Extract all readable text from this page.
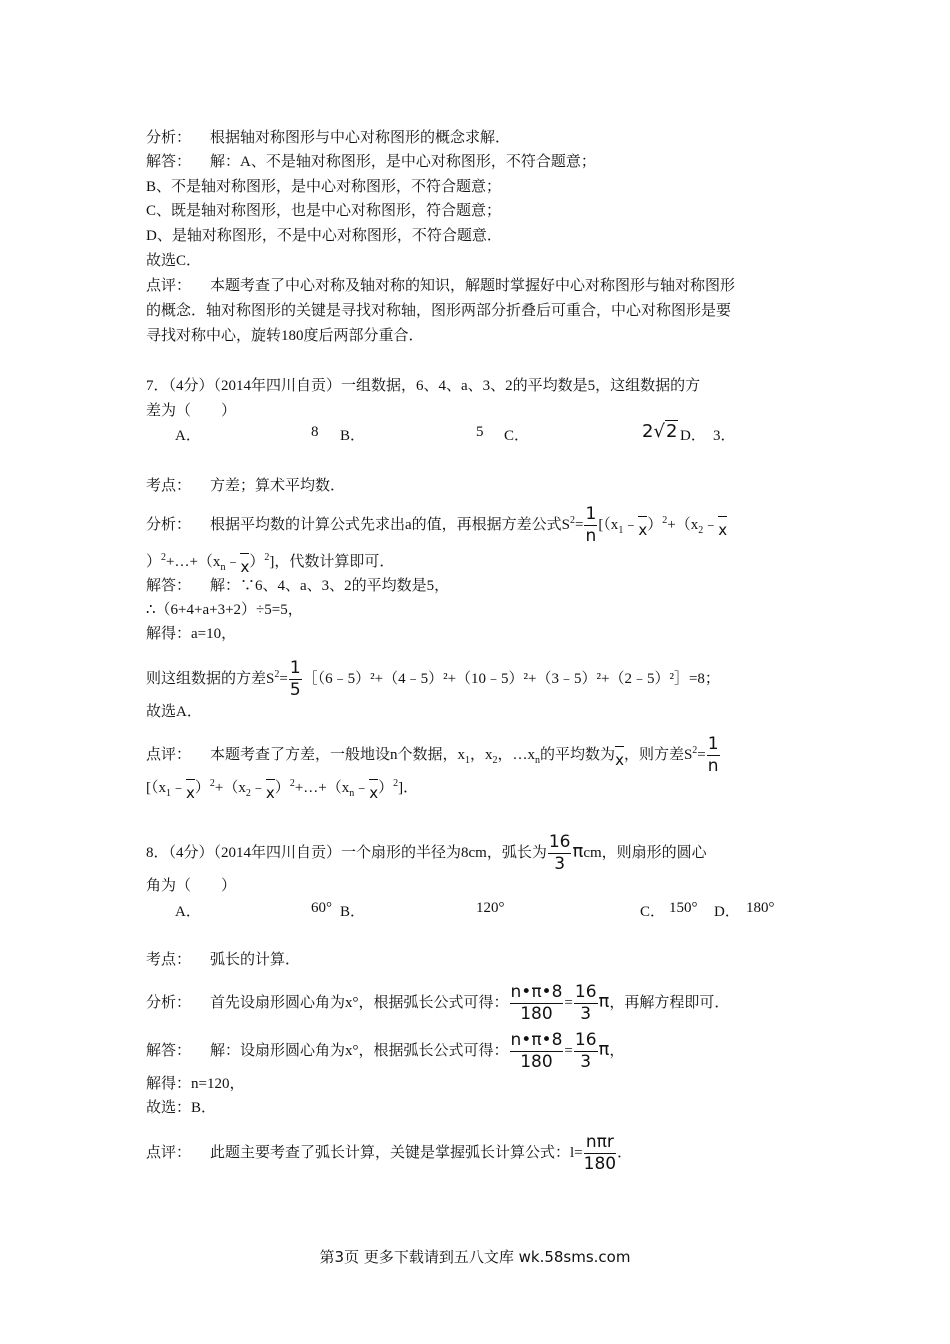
分析： 根据轴对称图形与中心对称图形的概念求解．
解答： 解：A、不是轴对称图形，是中心对称图形，不符合题意；
B、不是轴对称图形，是中心对称图形，不符合题意；
C、既是轴对称图形，也是中心对称图形，符合题意；
D、是轴对称图形，不是中心对称图形，不符合题意．
故选C．
点评： 本题考查了中心对称及轴对称的知识，解题时掌握好中心对称图形与轴对称图形
的概念．轴对称图形的关键是寻找对称轴，图形两部分折叠后可重合，中心对称图形是要
寻找对称中心，旋转180度后两部分重合．
7．（4分）（2014年四川自贡）一组数据，6、4、a、3、2的平均数是5，这组数据的方
差为（　　）
A．	8 B．	5 C．	2√2 D． 3．
考点： 方差；算术平均数．
分析： 根据平均数的计算公式先求出a的值，再根据方差公式$S^2= \frac{1}{n}$ [$(x_1﹣x)^2+(x_2﹣x$
）$^2+\dots+(x_n﹣x)^2$]，代数计算即可．
解答： 解：∵6、4、a、3、2的平均数是5，
∴（6+4+a+3+2）÷5=5，
解得：a=10，
则这组数据的方差$S^2= \frac{1}{5}$ ［（6﹣5）²+（4﹣5）²+（10﹣5）²+（3﹣5）²+（2﹣5）²］=8；
故选A．
点评： 本题考查了方差，一般地设n个数据，$x_1$，$x_2$，$\dots x_n$的平均数为x，则方差$S^2= \frac{1}{n}$
$[(x_1﹣x)^2+(x_2﹣x)^2+\dots+(x_n﹣x)^2]$．
8．（4分）（2014年四川自贡）一个扇形的半径为8cm，弧长为 $\frac{16}{3}$ πcm，则扇形的圆心
角为（　　）
A．	60° B．	120°	C． 150° D． 180°
考点： 弧长的计算．
分析： 首先设扇形圆心角为x°，根据弧长公式可得： $\frac{n•\pi•8}{180} = \frac{16}{3}$ π，再解方程即可．
解答： 解：设扇形圆心角为x°，根据弧长公式可得： $\frac{n•\pi•8}{180} = \frac{16}{3}$ π，
解得：n=120，
故选：B．
点评： 此题主要考查了弧长计算，关键是掌握弧长计算公式：l=
nπr
180
．
第3页 更多下载请到五八文库 wk.58sms.com
